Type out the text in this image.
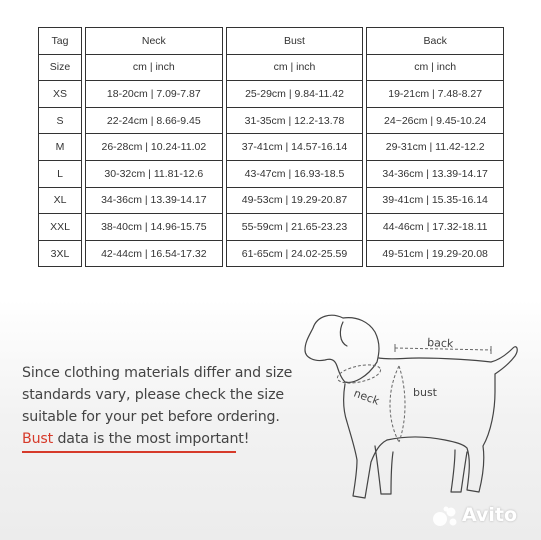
Tag		Neck		Bust		Back
Size		cm | inch		cm | inch		cm | inch
XS		18-20cm | 7.09-7.87		25-29cm | 9.84-11.42		19-21cm | 7.48-8.27
S		22-24cm | 8.66-9.45		31-35cm | 12.2-13.78		24~26cm | 9.45-10.24
M		26-28cm | 10.24-11.02		37-41cm | 14.57-16.14		29-31cm | 11.42-12.2
L		30-32cm | 11.81-12.6		43-47cm | 16.93-18.5		34-36cm | 13.39-14.17
XL		34-36cm | 13.39-14.17		49-53cm | 19.29-20.87		39-41cm | 15.35-16.14
XXL		38-40cm | 14.96-15.75		55-59cm | 21.65-23.23		44-46cm | 17.32-18.11
3XL		42-44cm | 16.54-17.32		61-65cm | 24.02-25.59		49-51cm | 19.29-20.08
Since clothing materials differ and size
standards vary, please check the size
suitable for your pet before ordering.
Bust data is the most important!
back
neck	bust
Avito
